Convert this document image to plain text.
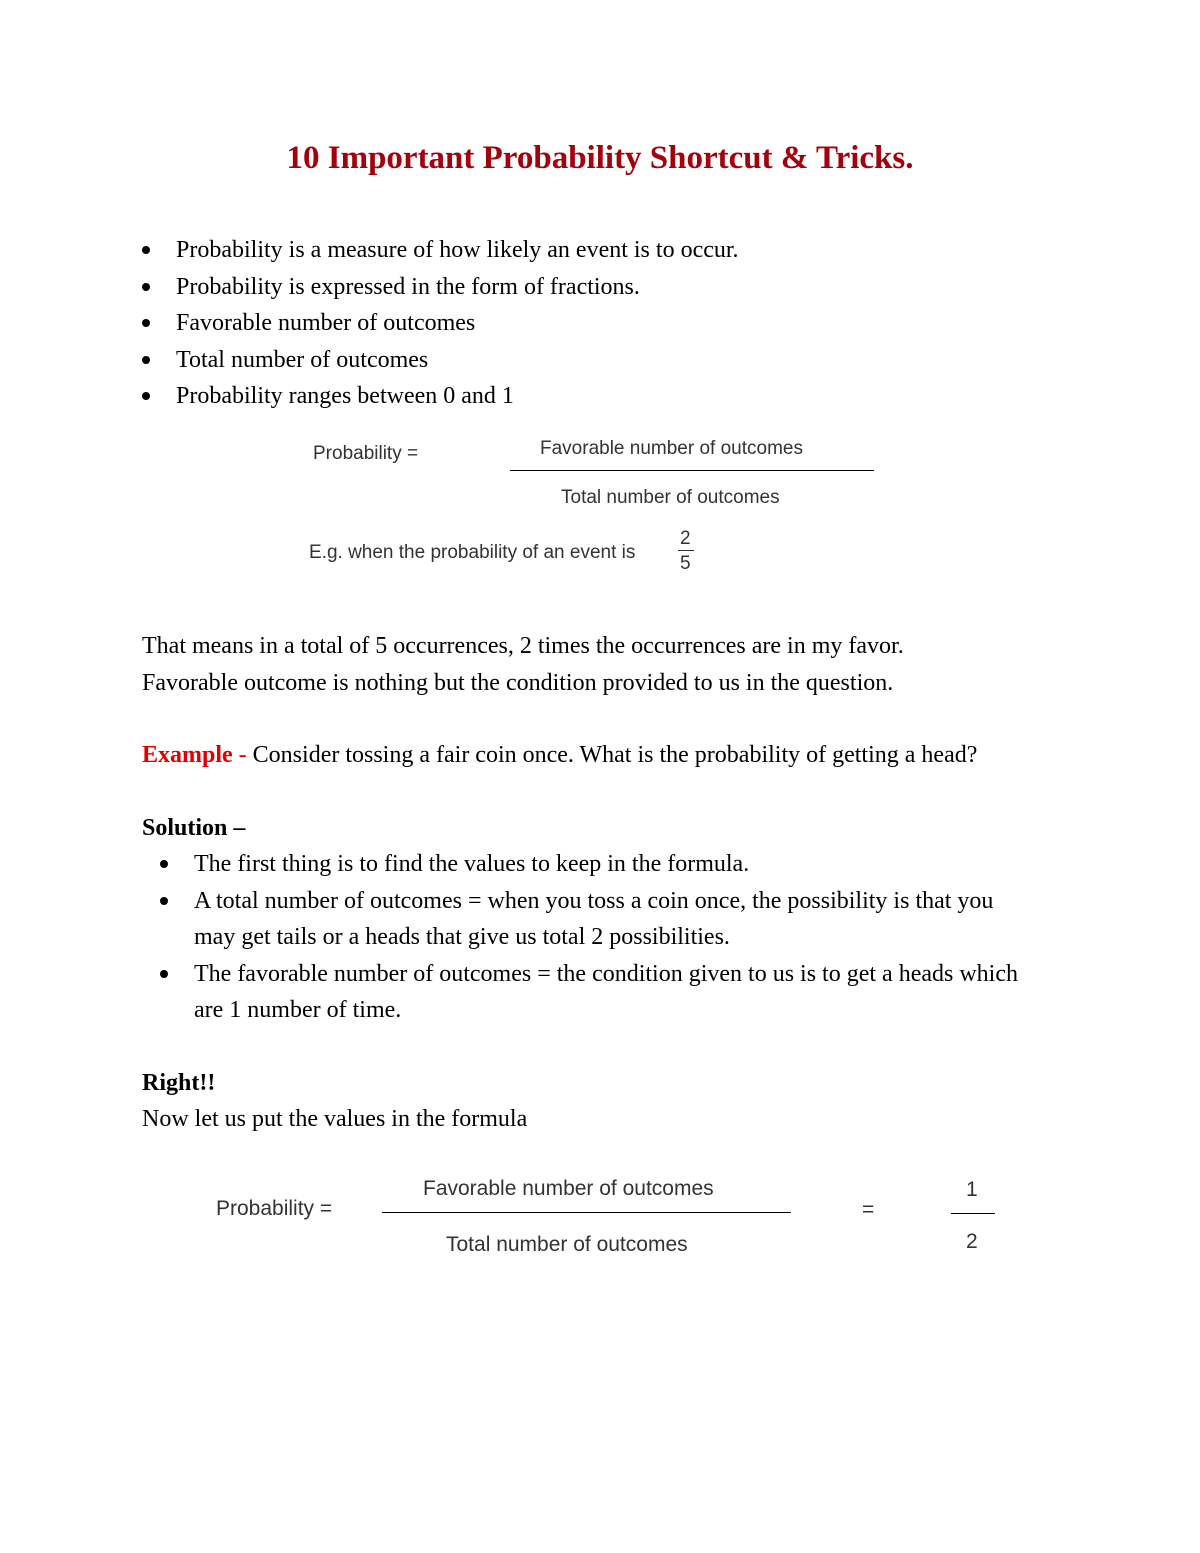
10 Important Probability Shortcut & Tricks.
Probability is a measure of how likely an event is to occur.
Probability is expressed in the form of fractions.
Favorable number of outcomes
Total number of outcomes
Probability ranges between 0 and 1
Probability =	Favorable number of outcomes
Total number of outcomes
E.g. when the probability of an event is
2
5
That means in a total of 5 occurrences, 2 times the occurrences are in my favor.
Favorable outcome is nothing but the condition provided to us in the question.

Example - Consider tossing a fair coin once. What is the probability of getting a head?

Solution –
The first thing is to find the values to keep in the formula.
A total number of outcomes = when you toss a coin once, the possibility is that you may get tails or a heads that give us total 2 possibilities.
The favorable number of outcomes = the condition given to us is to get a heads which are 1 number of time.
Right!!
Now let us put the values in the formula
Probability =
Favorable number of outcomes
Total number of outcomes
=
1
2
